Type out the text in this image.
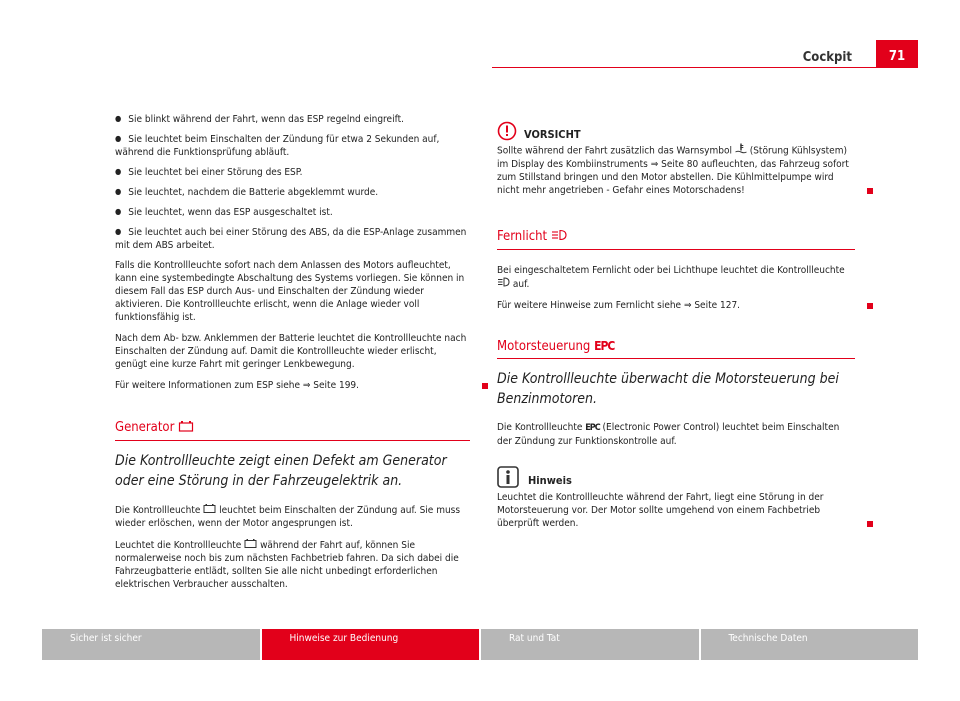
Cockpit	71
● Sie blinkt während der Fahrt, wenn das ESP regelnd eingreift.
● Sie leuchtet beim Einschalten der Zündung für etwa 2 Sekunden auf, während die Funktionsprüfung abläuft.
● Sie leuchtet bei einer Störung des ESP.
● Sie leuchtet, nachdem die Batterie abgeklemmt wurde.
● Sie leuchtet, wenn das ESP ausgeschaltet ist.
● Sie leuchtet auch bei einer Störung des ABS, da die ESP-Anlage zusammen mit dem ABS arbeitet.

Falls die Kontrollleuchte sofort nach dem Anlassen des Motors aufleuchtet, kann eine systembedingte Abschaltung des Systems vorliegen. Sie können in diesem Fall das ESP durch Aus- und Einschalten der Zündung wieder aktivieren. Die Kontrollleuchte erlischt, wenn die Anlage wieder voll funktionsfähig ist.

Nach dem Ab- bzw. Anklemmen der Batterie leuchtet die Kontrollleuchte nach Einschalten der Zündung auf. Damit die Kontrollleuchte wieder erlischt, genügt eine kurze Fahrt mit geringer Lenkbewegung.

Für weitere Informationen zum ESP siehe ⇒ Seite 199.

Generator
Die Kontrollleuchte zeigt einen Defekt am Generator oder eine Störung in der Fahrzeugelektrik an.

Die Kontrollleuchte leuchtet beim Einschalten der Zündung auf. Sie muss wieder erlöschen, wenn der Motor angesprungen ist.

Leuchtet die Kontrollleuchte während der Fahrt auf, können Sie normalerweise noch bis zum nächsten Fachbetrieb fahren. Da sich dabei die Fahrzeugbatterie entlädt, sollten Sie alle nicht unbedingt erforderlichen elektrischen Verbraucher ausschalten.

VORSICHT

Sollte während der Fahrt zusätzlich das Warnsymbol (Störung Kühlsystem) im Display des Kombiinstruments ⇒ Seite 80 aufleuchten, das Fahrzeug sofort zum Stillstand bringen und den Motor abstellen. Die Kühlmittelpumpe wird nicht mehr angetrieben - Gefahr eines Motorschadens!

Fernlicht

Bei eingeschaltetem Fernlicht oder bei Lichthupe leuchtet die Kontrollleuchte  auf.

Für weitere Hinweise zum Fernlicht siehe ⇒ Seite 127.

Motorsteuerung EPC
Die Kontrollleuchte überwacht die Motorsteuerung bei Benzinmotoren.

Die Kontrollleuchte EPC (Electronic Power Control) leuchtet beim Einschalten der Zündung zur Funktionskontrolle auf.

Hinweis

Leuchtet die Kontrollleuchte während der Fahrt, liegt eine Störung in der Motorsteuerung vor. Der Motor sollte umgehend von einem Fachbetrieb überprüft werden.

Sicher ist sicher	Hinweise zur Bedienung	Rat und Tat	Technische Daten
